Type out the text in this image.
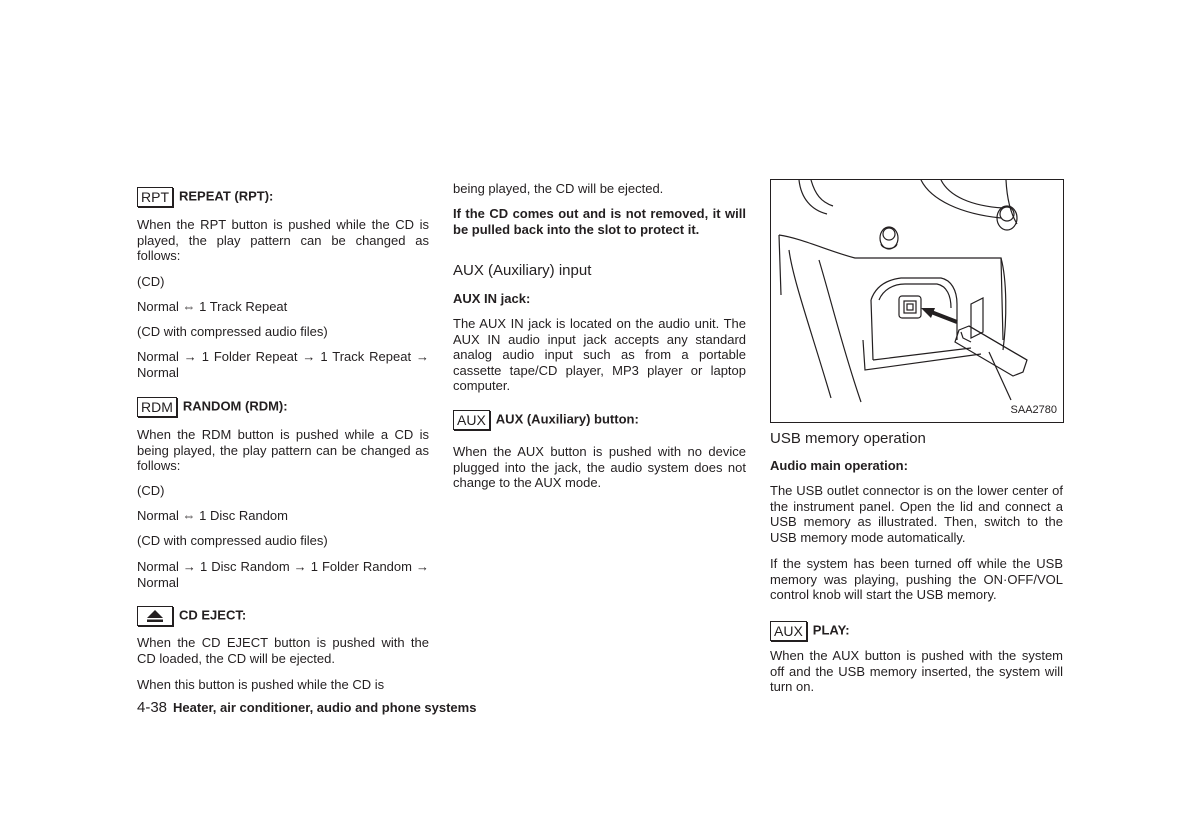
RPT REPEAT (RPT):

When the RPT button is pushed while the CD is played, the play pattern can be changed as follows:

(CD)

Normal ⇔ 1 Track Repeat

(CD with compressed audio files)

Normal → 1 Folder Repeat → 1 Track Repeat → Normal

RDM RANDOM (RDM):

When the RDM button is pushed while a CD is being played, the play pattern can be changed as follows:

(CD)

Normal ⇔ 1 Disc Random

(CD with compressed audio files)

Normal → 1 Disc Random → 1 Folder Random → Normal

CD EJECT:

When the CD EJECT button is pushed with the CD loaded, the CD will be ejected.

When this button is pushed while the CD is

being played, the CD will be ejected.

If the CD comes out and is not removed, it will be pulled back into the slot to protect it.

AUX (Auxiliary) input
AUX IN jack:

The AUX IN jack is located on the audio unit. The AUX IN audio input jack accepts any standard analog audio input such as from a portable cassette tape/CD player, MP3 player or laptop computer.

AUX AUX (Auxiliary) button:

When the AUX button is pushed with no device plugged into the jack, the audio system does not change to the AUX mode.

SAA2780
USB memory operation
Audio main operation:

The USB outlet connector is on the lower center of the instrument panel. Open the lid and connect a USB memory as illustrated. Then, switch to the USB memory mode automatically.

If the system has been turned off while the USB memory was playing, pushing the ON·OFF/VOL control knob will start the USB memory.

AUX PLAY:

When the AUX button is pushed with the system off and the USB memory inserted, the system will turn on.

4-38 Heater, air conditioner, audio and phone systems
